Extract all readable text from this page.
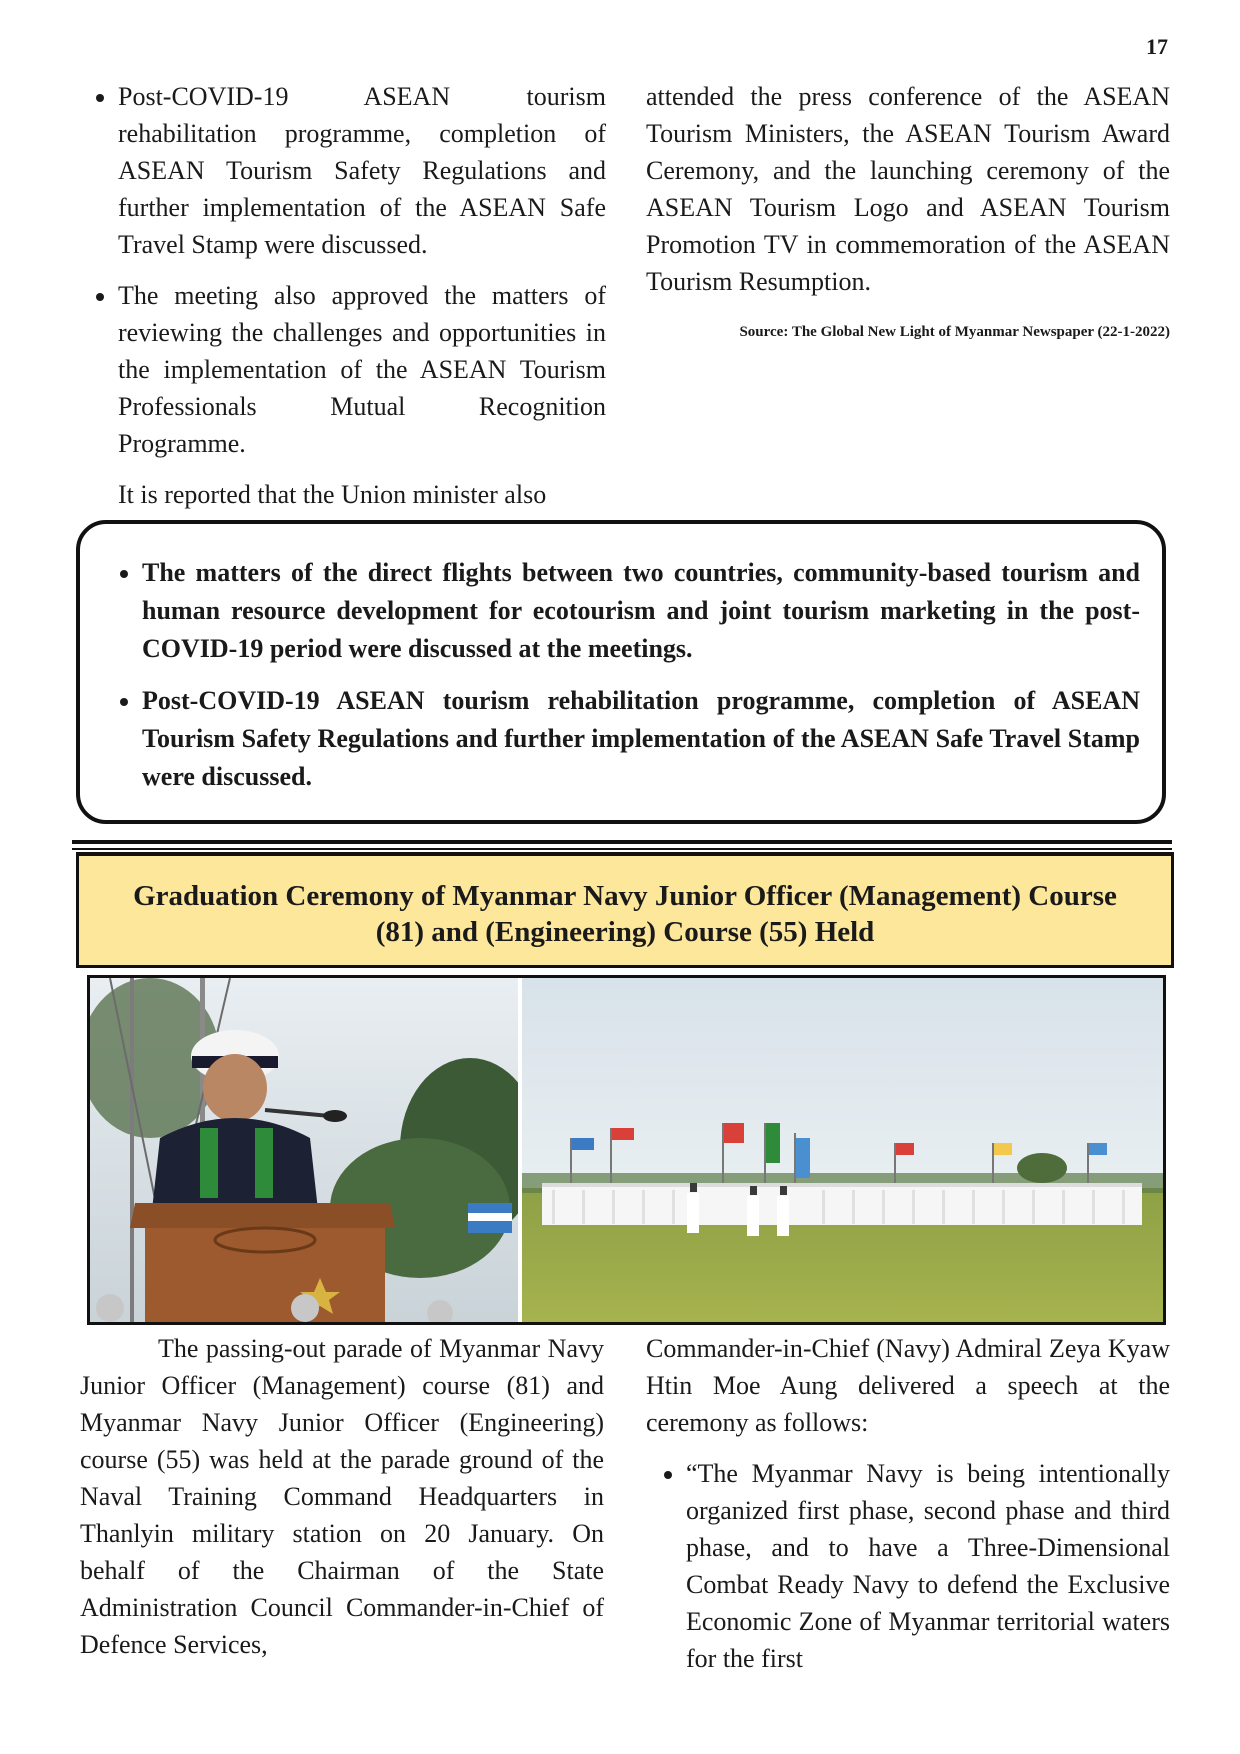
17
• Post-COVID-19 ASEAN tourism rehabilitation programme, completion of ASEAN Tourism Safety Regulations and further implementation of the ASEAN Safe Travel Stamp were discussed.
• The meeting also approved the matters of reviewing the challenges and opportunities in the implementation of the ASEAN Tourism Professionals Mutual Recognition Programme.

It is reported that the Union minister also

attended the press conference of the ASEAN Tourism Ministers, the ASEAN Tourism Award Ceremony, and the launching ceremony of the ASEAN Tourism Logo and ASEAN Tourism Promotion TV in commemoration of the ASEAN Tourism Resumption.

Source: The Global New Light of Myanmar Newspaper (22-1-2022)
• The matters of the direct flights between two countries, community-based tourism and human resource development for ecotourism and joint tourism marketing in the post-COVID-19 period were discussed at the meetings.
• Post-COVID-19 ASEAN tourism rehabilitation programme, completion of ASEAN Tourism Safety Regulations and further implementation of the ASEAN Safe Travel Stamp were discussed.
Graduation Ceremony of Myanmar Navy Junior Officer (Management) Course
(81) and (Engineering) Course (55) Held

The passing-out parade of Myanmar Navy Junior Officer (Management) course (81) and Myanmar Navy Junior Officer (Engineering) course (55) was held at the parade ground of the Naval Training Command Headquarters in Thanlyin military station on 20 January. On behalf of the Chairman of the State Administration Council Commander-in-Chief of Defence Services,

Commander-in-Chief (Navy) Admiral Zeya Kyaw Htin Moe Aung delivered a speech at the ceremony as follows:

• “The Myanmar Navy is being intentionally organized first phase, second phase and third phase, and to have a Three-Dimensional Combat Ready Navy to defend the Exclusive Economic Zone of Myanmar territorial waters for the first
